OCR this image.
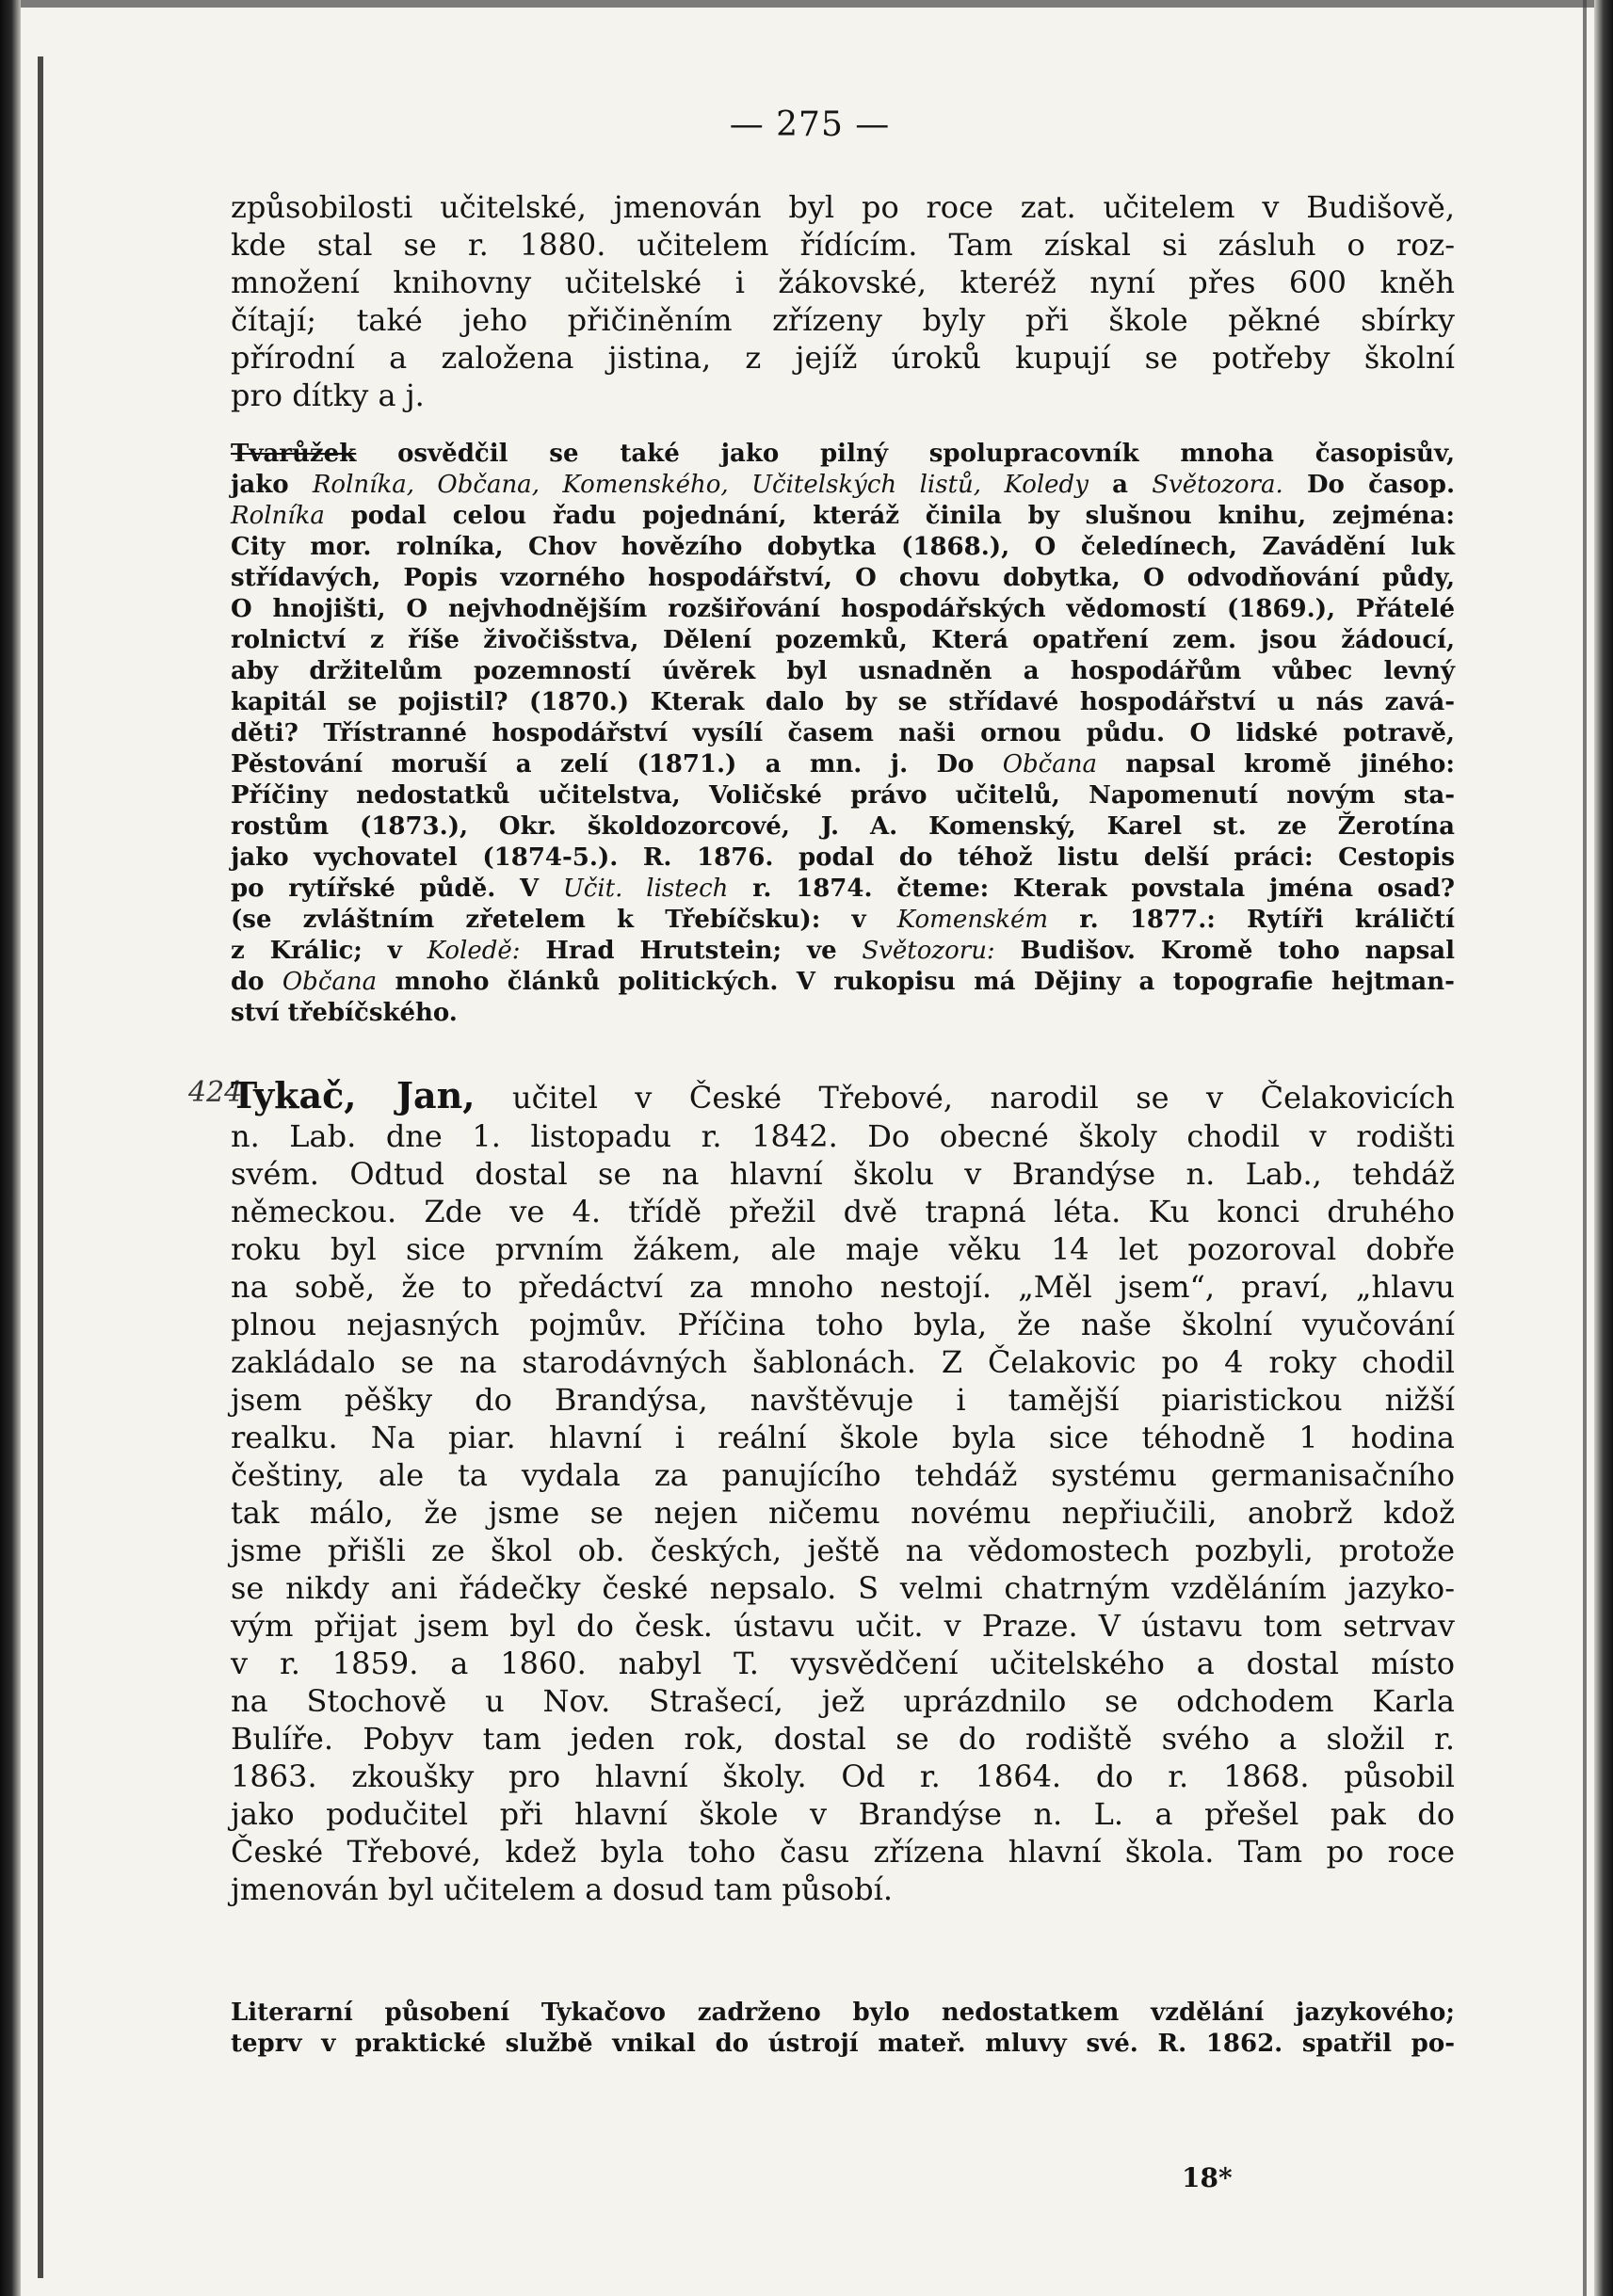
— 275 —
způsobilosti učitelské, jmenován byl po roce zat. učitelem v Budišově,
kde stal se r. 1880. učitelem řídícím. Tam získal si zásluh o roz-
množení knihovny učitelské i žákovské, kteréž nyní přes 600 kněh
čítají; také jeho přičiněním zřízeny byly při škole pěkné sbírky
přírodní a založena jistina, z jejíž úroků kupují se potřeby školní
pro dítky a j.
Tvarůžek osvědčil se také jako pilný spolupracovník mnoha časopisův,
jako Rolníka, Občana, Komenského, Učitelských listů, Koledy a Světozora. Do časop.
Rolníka podal celou řadu pojednání, kteráž činila by slušnou knihu, zejména:
City mor. rolníka, Chov hovězího dobytka (1868.), O čeledínech, Zavádění luk
střídavých, Popis vzorného hospodářství, O chovu dobytka, O odvodňování půdy,
O hnojišti, O nejvhodnějším rozšiřování hospodářských vědomostí (1869.), Přátelé
rolnictví z říše živočišstva, Dělení pozemků, Která opatření zem. jsou žádoucí,
aby držitelům pozemností úvěrek byl usnadněn a hospodářům vůbec levný
kapitál se pojistil? (1870.) Kterak dalo by se střídavé hospodářství u nás zavá-
děti? Třístranné hospodářství vysílí časem naši ornou půdu. O lidské potravě,
Pěstování moruší a zelí (1871.) a mn. j. Do Občana napsal kromě jiného:
Příčiny nedostatků učitelstva, Voličské právo učitelů, Napomenutí novým sta-
rostům (1873.), Okr. školdozorcové, J. A. Komenský, Karel st. ze Žerotína
jako vychovatel (1874-5.). R. 1876. podal do téhož listu delší práci: Cestopis
po rytířské půdě. V Učit. listech r. 1874. čteme: Kterak povstala jména osad?
(se zvláštním zřetelem k Třebíčsku): v Komenském r. 1877.: Rytíři králičtí
z Králic; v Koledě: Hrad Hrutstein; ve Světozoru: Budišov. Kromě toho napsal
do Občana mnoho článků politických. V rukopisu má Dějiny a topografie hejtman-
ství třebíčského.
424
Tykač, Jan, učitel v České Třebové, narodil se v Čelakovicích
n. Lab. dne 1. listopadu r. 1842. Do obecné školy chodil v rodišti
svém. Odtud dostal se na hlavní školu v Brandýse n. Lab., tehdáž
německou. Zde ve 4. třídě přežil dvě trapná léta. Ku konci druhého
roku byl sice prvním žákem, ale maje věku 14 let pozoroval dobře
na sobě, že to předáctví za mnoho nestojí. „Měl jsem“, praví, „hlavu
plnou nejasných pojmův. Příčina toho byla, že naše školní vyučování
zakládalo se na starodávných šablonách. Z Čelakovic po 4 roky chodil
jsem pěšky do Brandýsa, navštěvuje i tamější piaristickou nižší
realku. Na piar. hlavní i reální škole byla sice téhodně 1 hodina
češtiny, ale ta vydala za panujícího tehdáž systému germanisačního
tak málo, že jsme se nejen ničemu novému nepřiučili, anobrž kdož
jsme přišli ze škol ob. českých, ještě na vědomostech pozbyli, protože
se nikdy ani řádečky české nepsalo. S velmi chatrným vzděláním jazyko-
vým přijat jsem byl do česk. ústavu učit. v Praze. V ústavu tom setrvav
v r. 1859. a 1860. nabyl T. vysvědčení učitelského a dostal místo
na Stochově u Nov. Strašecí, jež uprázdnilo se odchodem Karla
Bulíře. Pobyv tam jeden rok, dostal se do rodiště svého a složil r.
1863. zkoušky pro hlavní školy. Od r. 1864. do r. 1868. působil
jako podučitel při hlavní škole v Brandýse n. L. a přešel pak do
České Třebové, kdež byla toho času zřízena hlavní škola. Tam po roce
jmenován byl učitelem a dosud tam působí.
Literarní působení Tykačovo zadrženo bylo nedostatkem vzdělání jazykového;
teprv v praktické službě vnikal do ústrojí mateř. mluvy své. R. 1862. spatřil po-
18*
